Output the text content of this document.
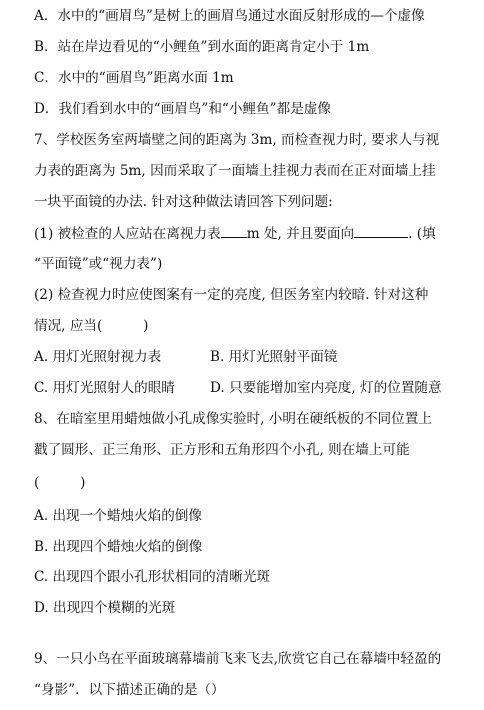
A．水中的“画眉鸟”是树上的画眉鸟通过水面反射形成的—个虚像
B．站在岸边看见的“小鲤鱼”到水面的距离肯定小于 1m
C．水中的“画眉鸟”距离水面 1m
D．我们看到水中的“画眉鸟”和“小鲤鱼”都是虚像
7、学校医务室两墙壁之间的距离为 3m, 而检查视力时, 要求人与视
力表的距离为 5m, 因而采取了一面墙上挂视力表而在正对面墙上挂
一块平面镜的办法. 针对这种做法请回答下列问题:
(1) 被检查的人应站在离视力表 m 处, 并且要面向	. (填
“平面镜”或“视力表”)
(2) 检查视力时应使图案有一定的亮度, 但医务室内较暗. 针对这种
情况, 应当(　　　)
A. 用灯光照射视力表	B. 用灯光照射平面镜
C. 用灯光照射人的眼睛	D. 只要能增加室内亮度, 灯的位置随意
8、在暗室里用蜡烛做小孔成像实验时, 小明在硬纸板的不同位置上
戳了圆形、正三角形、正方形和五角形四个小孔, 则在墙上可能
(　　　)
A. 出现一个蜡烛火焰的倒像
B. 出现四个蜡烛火焰的倒像
C. 出现四个跟小孔形状相同的清晰光斑
D. 出现四个模糊的光斑
9、一只小鸟在平面玻璃幕墙前飞来飞去,欣赏它自己在幕墙中轻盈的
“身影”．以下描述正确的是（）
